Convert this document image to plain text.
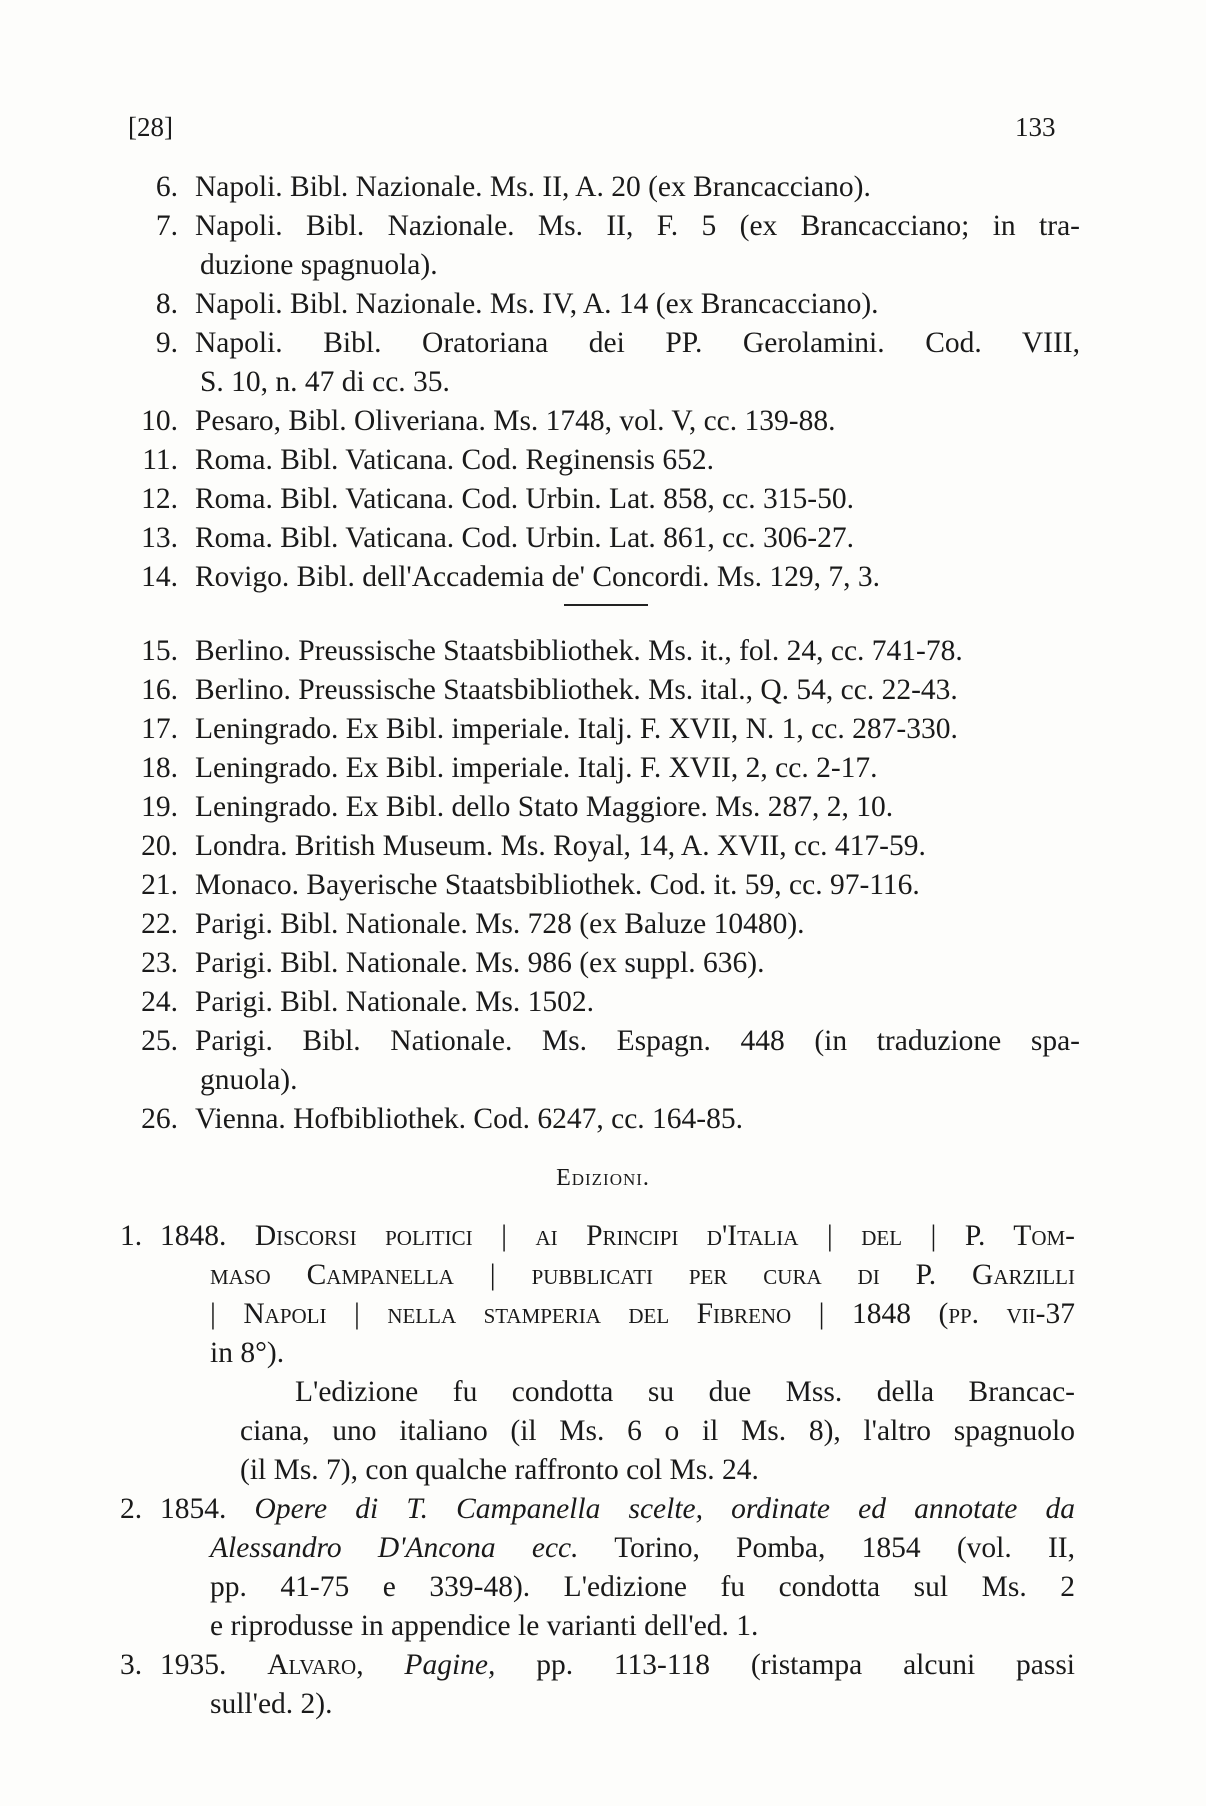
[28]	133
6. Napoli. Bibl. Nazionale. Ms. II, A. 20 (ex Brancacciano).
7. Napoli. Bibl. Nazionale. Ms. II, F. 5 (ex Brancacciano; in tra-
duzione spagnuola).
8. Napoli. Bibl. Nazionale. Ms. IV, A. 14 (ex Brancacciano).
9. Napoli. Bibl. Oratoriana dei PP. Gerolamini. Cod. VIII,
S. 10, n. 47 di cc. 35.
10. Pesaro, Bibl. Oliveriana. Ms. 1748, vol. V, cc. 139-88.
11. Roma. Bibl. Vaticana. Cod. Reginensis 652.
12. Roma. Bibl. Vaticana. Cod. Urbin. Lat. 858, cc. 315-50.
13. Roma. Bibl. Vaticana. Cod. Urbin. Lat. 861, cc. 306-27.
14. Rovigo. Bibl. dell'Accademia de' Concordi. Ms. 129, 7, 3.
15. Berlino. Preussische Staatsbibliothek. Ms. it., fol. 24, cc. 741-78.
16. Berlino. Preussische Staatsbibliothek. Ms. ital., Q. 54, cc. 22-43.
17. Leningrado. Ex Bibl. imperiale. Italj. F. XVII, N. 1, cc. 287-330.
18. Leningrado. Ex Bibl. imperiale. Italj. F. XVII, 2, cc. 2-17.
19. Leningrado. Ex Bibl. dello Stato Maggiore. Ms. 287, 2, 10.
20. Londra. British Museum. Ms. Royal, 14, A. XVII, cc. 417-59.
21. Monaco. Bayerische Staatsbibliothek. Cod. it. 59, cc. 97-116.
22. Parigi. Bibl. Nationale. Ms. 728 (ex Baluze 10480).
23. Parigi. Bibl. Nationale. Ms. 986 (ex suppl. 636).
24. Parigi. Bibl. Nationale. Ms. 1502.
25. Parigi. Bibl. Nationale. Ms. Espagn. 448 (in traduzione spa-
gnuola).
26. Vienna. Hofbibliothek. Cod. 6247, cc. 164-85.
Edizioni.
1. 1848. Discorsi politici | ai Principi d'Italia | del | P. Tom-
maso Campanella | pubblicati per cura di P. Garzilli
| Napoli | nella stamperia del Fibreno | 1848 (pp. vii-37
in 8°).
L'edizione fu condotta su due Mss. della Brancac-
ciana, uno italiano (il Ms. 6 o il Ms. 8), l'altro spagnuolo
(il Ms. 7), con qualche raffronto col Ms. 24.
2. 1854. Opere di T. Campanella scelte, ordinate ed annotate da
Alessandro D'Ancona ecc. Torino, Pomba, 1854 (vol. II,
pp. 41-75 e 339-48). L'edizione fu condotta sul Ms. 2
e riprodusse in appendice le varianti dell'ed. 1.
3. 1935. Alvaro, Pagine, pp. 113-118 (ristampa alcuni passi
sull'ed. 2).
